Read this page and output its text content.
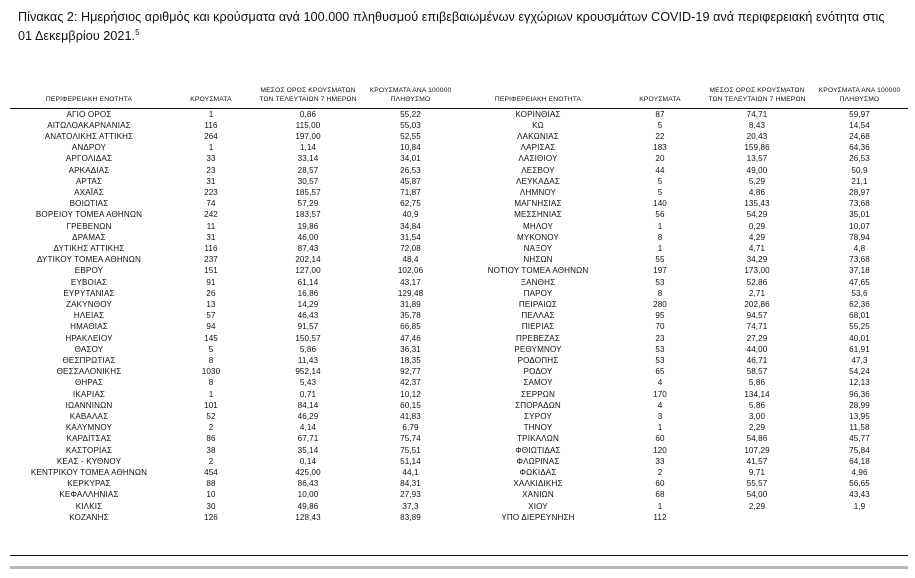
Πίνακας 2: Ημερήσιος αριθμός και κρούσματα ανά 100.000 πληθυσμού επιβεβαιωμένων εγχώριων κρουσμάτων COVID-19 ανά περιφερειακή ενότητα στις 01 Δεκεμβρίου 2021.$^5$
ΠΕΡΙΦΕΡΕΙΑΚΗ ΕΝΟΤΗΤΑ	ΚΡΟΥΣΜΑΤΑ	ΜΕΣΟΣ ΟΡΟΣ ΚΡΟΥΣΜΑΤΩΝ
ΤΩΝ ΤΕΛΕΥΤΑΙΩΝ 7 ΗΜΕΡΩΝ	ΚΡΟΥΣΜΑΤΑ ΑΝΑ 100000
ΠΛΗΘΥΣΜΟ

ΑΓΙΟ ΟΡΟΣ	1	0,86	55,22
ΑΙΤΩΛΟΑΚΑΡΝΑΝΙΑΣ	116	115,00	55,03
ΑΝΑΤΟΛΙΚΗΣ ΑΤΤΙΚΗΣ	264	197,00	52,55
ΑΝΔΡΟΥ	1	1,14	10,84
ΑΡΓΟΛΙΔΑΣ	33	33,14	34,01
ΑΡΚΑΔΙΑΣ	23	28,57	26,53
ΑΡΤΑΣ	31	30,57	45,87
ΑΧΑΪΑΣ	223	185,57	71,87
ΒΟΙΩΤΙΑΣ	74	57,29	62,75
ΒΟΡΕΙΟΥ ΤΟΜΕΑ ΑΘΗΝΩΝ	242	183,57	40,9
ΓΡΕΒΕΝΩΝ	11	19,86	34,84
ΔΡΑΜΑΣ	31	46,00	31,54
ΔΥΤΙΚΗΣ ΑΤΤΙΚΗΣ	116	87,43	72,08
ΔΥΤΙΚΟΥ ΤΟΜΕΑ ΑΘΗΝΩΝ	237	202,14	48,4
ΕΒΡΟΥ	151	127,00	102,06
ΕΥΒΟΙΑΣ	91	61,14	43,17
ΕΥΡΥΤΑΝΙΑΣ	26	16,86	129,48
ΖΑΚΥΝΘΟΥ	13	14,29	31,89
ΗΛΕΙΑΣ	57	46,43	35,78
ΗΜΑΘΙΑΣ	94	91,57	66,85
ΗΡΑΚΛΕΙΟΥ	145	150,57	47,46
ΘΑΣΟΥ	5	5,86	36,31
ΘΕΣΠΡΩΤΙΑΣ	8	11,43	18,35
ΘΕΣΣΑΛΟΝΙΚΗΣ	1030	952,14	92,77
ΘΗΡΑΣ	8	5,43	42,37
ΙΚΑΡΙΑΣ	1	0,71	10,12
ΙΩΑΝΝΙΝΩΝ	101	84,14	60,15
ΚΑΒΑΛΑΣ	52	46,29	41,83
ΚΑΛΥΜΝΟΥ	2	4,14	6,79
ΚΑΡΔΙΤΣΑΣ	86	67,71	75,74
ΚΑΣΤΟΡΙΑΣ	38	35,14	75,51
ΚΕΑΣ - ΚΥΘΝΟΥ	2	0,14	51,14
ΚΕΝΤΡΙΚΟΥ ΤΟΜΕΑ ΑΘΗΝΩΝ	454	425,00	44,1
ΚΕΡΚΥΡΑΣ	88	86,43	84,31
ΚΕΦΑΛΛΗΝΙΑΣ	10	10,00	27,93
ΚΙΛΚΙΣ	30	49,86	37,3
ΚΟΖΑΝΗΣ	126	128,43	83,89
ΠΕΡΙΦΕΡΕΙΑΚΗ ΕΝΟΤΗΤΑ	ΚΡΟΥΣΜΑΤΑ	ΜΕΣΟΣ ΟΡΟΣ ΚΡΟΥΣΜΑΤΩΝ
ΤΩΝ ΤΕΛΕΥΤΑΙΩΝ 7 ΗΜΕΡΩΝ	ΚΡΟΥΣΜΑΤΑ ΑΝΑ 100000
ΠΛΗΘΥΣΜΟ

ΚΟΡΙΝΘΙΑΣ	87	74,71	59,97
ΚΩ	5	8,43	14,54
ΛΑΚΩΝΙΑΣ	22	20,43	24,68
ΛΑΡΙΣΑΣ	183	159,86	64,36
ΛΑΣΙΘΙΟΥ	20	13,57	26,53
ΛΕΣΒΟΥ	44	49,00	50,9
ΛΕΥΚΑΔΑΣ	5	5,29	21,1
ΛΗΜΝΟΥ	5	4,86	28,97
ΜΑΓΝΗΣΙΑΣ	140	135,43	73,68
ΜΕΣΣΗΝΙΑΣ	56	54,29	35,01
ΜΗΛΟΥ	1	0,29	10,07
ΜΥΚΟΝΟΥ	8	4,29	78,94
ΝΑΞΟΥ	1	4,71	4,8
ΝΗΣΩΝ	55	34,29	73,68
ΝΟΤΙΟΥ ΤΟΜΕΑ ΑΘΗΝΩΝ	197	173,00	37,18
ΞΑΝΘΗΣ	53	52,86	47,65
ΠΑΡΟΥ	8	2,71	53,6
ΠΕΙΡΑΙΩΣ	280	202,86	62,36
ΠΕΛΛΑΣ	95	94,57	68,01
ΠΙΕΡΙΑΣ	70	74,71	55,25
ΠΡΕΒΕΖΑΣ	23	27,29	40,01
ΡΕΘΥΜΝΟΥ	53	44,00	61,91
ΡΟΔΟΠΗΣ	53	46,71	47,3
ΡΟΔΟΥ	65	58,57	54,24
ΣΑΜΟΥ	4	5,86	12,13
ΣΕΡΡΩΝ	170	134,14	96,36
ΣΠΟΡΑΔΩΝ	4	5,86	28,99
ΣΥΡΟΥ	3	3,00	13,95
ΤΗΝΟΥ	1	2,29	11,58
ΤΡΙΚΑΛΩΝ	60	54,86	45,77
ΦΘΙΩΤΙΔΑΣ	120	107,29	75,84
ΦΛΩΡΙΝΑΣ	33	41,57	64,18
ΦΩΚΙΔΑΣ	2	9,71	4,96
ΧΑΛΚΙΔΙΚΗΣ	60	55,57	56,65
ΧΑΝΙΩΝ	68	54,00	43,43
ΧΙΟΥ	1	2,29	1,9
ΥΠΟ ΔΙΕΡΕΥΝΗΣΗ	112		
